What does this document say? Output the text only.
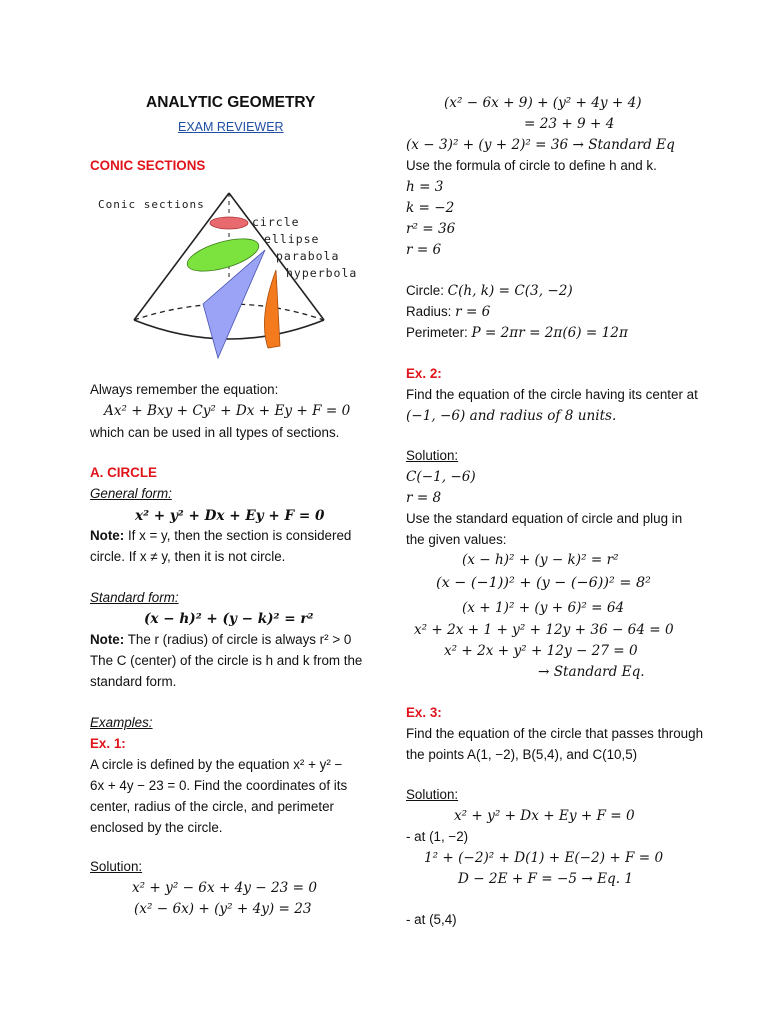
ANALYTIC GEOMETRY
EXAM REVIEWER
CONIC SECTIONS
Conic sections
circle
ellipse
parabola
hyperbola
Always remember the equation:
Ax² + Bxy + Cy² + Dx + Ey + F = 0
which can be used in all types of sections.
A. CIRCLE
General form:
x² + y² + Dx + Ey + F = 0
Note: If x = y, then the section is considered
circle. If x ≠ y, then it is not circle.
Standard form:
(x − h)² + (y − k)² = r²
Note: The r (radius) of circle is always r² > 0
The C (center) of the circle is h and k from the
standard form.
Examples:
Ex. 1:
A circle is defined by the equation x² + y² −
6x + 4y − 23 = 0. Find the coordinates of its
center, radius of the circle, and perimeter
enclosed by the circle.
Solution:
x² + y² − 6x + 4y − 23 = 0
(x² − 6x) + (y² + 4y) = 23
(x² − 6x + 9) + (y² + 4y + 4)
= 23 + 9 + 4
(x − 3)² + (y + 2)² = 36 → Standard Eq
Use the formula of circle to define h and k.
h = 3
k = −2
r² = 36
r = 6
Circle: C(h, k) = C(3, −2)
Radius: r = 6
Perimeter: P = 2πr = 2π(6) = 12π
Ex. 2:
Find the equation of the circle having its center at
(−1, −6) and radius of 8 units.
Solution:
C(−1, −6)
r = 8
Use the standard equation of circle and plug in
the given values:
(x − h)² + (y − k)² = r²
(x − (−1))² + (y − (−6))² = 8²
(x + 1)² + (y + 6)² = 64
x² + 2x + 1 + y² + 12y + 36 − 64 = 0
x² + 2x + y² + 12y − 27 = 0
→ Standard Eq.
Ex. 3:
Find the equation of the circle that passes through
the points A(1, −2), B(5,4), and C(10,5)
Solution:
x² + y² + Dx + Ey + F = 0
- at (1, −2)
1² + (−2)² + D(1) + E(−2) + F = 0
D − 2E + F = −5 → Eq. 1
- at (5,4)
